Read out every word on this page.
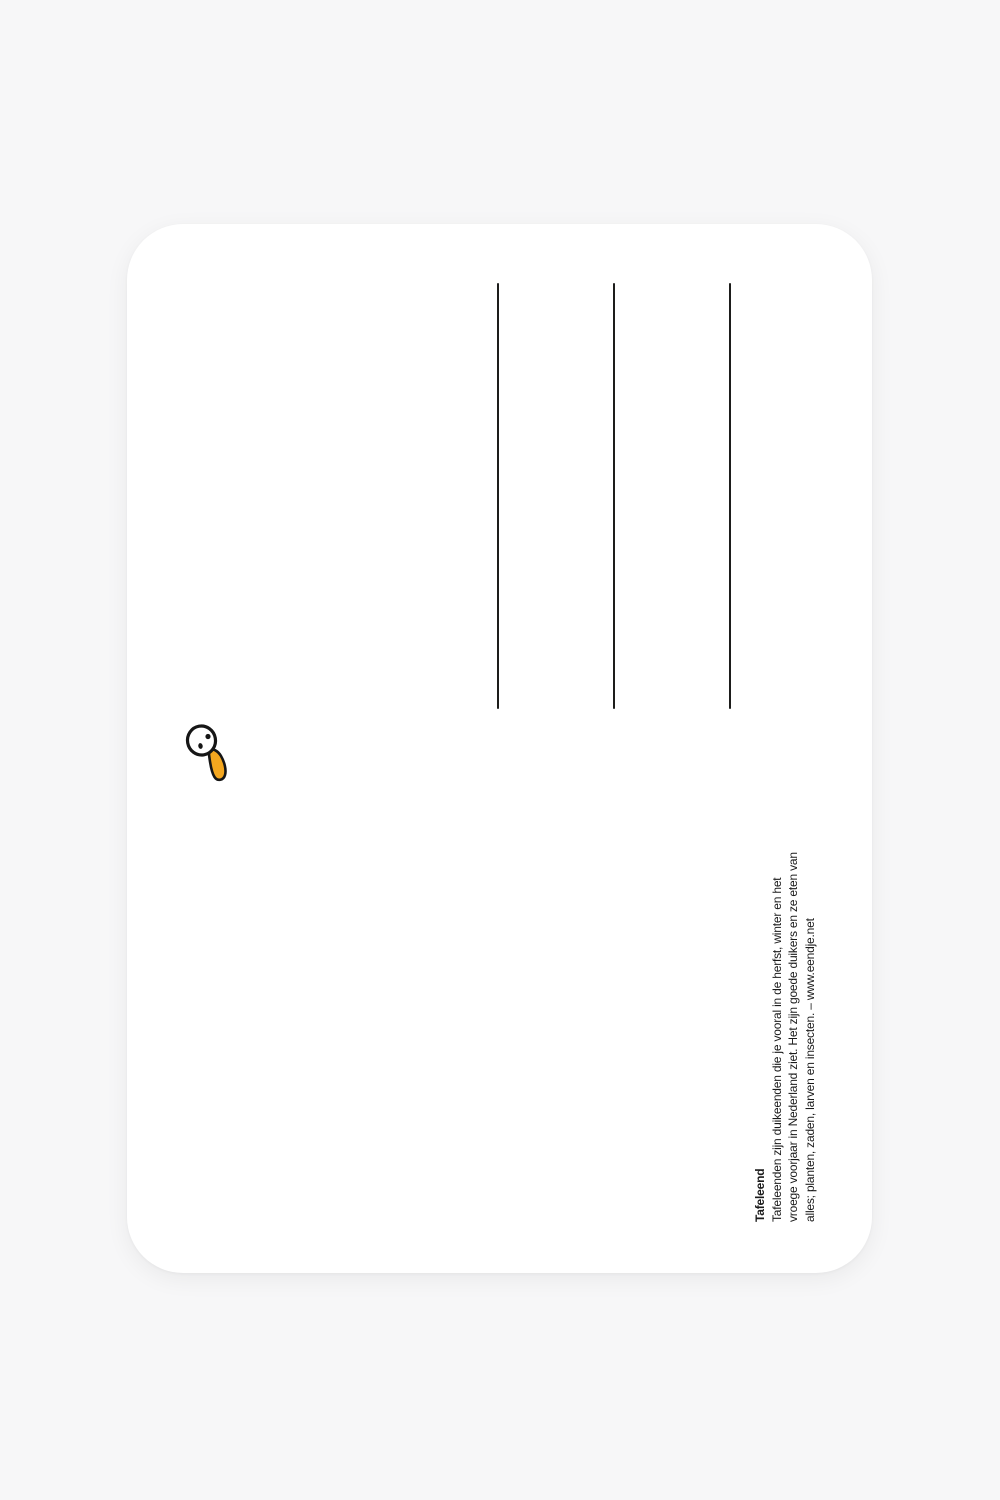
Tafeleend Tafeleenden zijn duikeenden die je vooral in de herfst, winter en het vroege voorjaar in Nederland ziet. Het zijn goede duikers en ze eten van alles; planten, zaden, larven en insecten. – www.eendje.net
